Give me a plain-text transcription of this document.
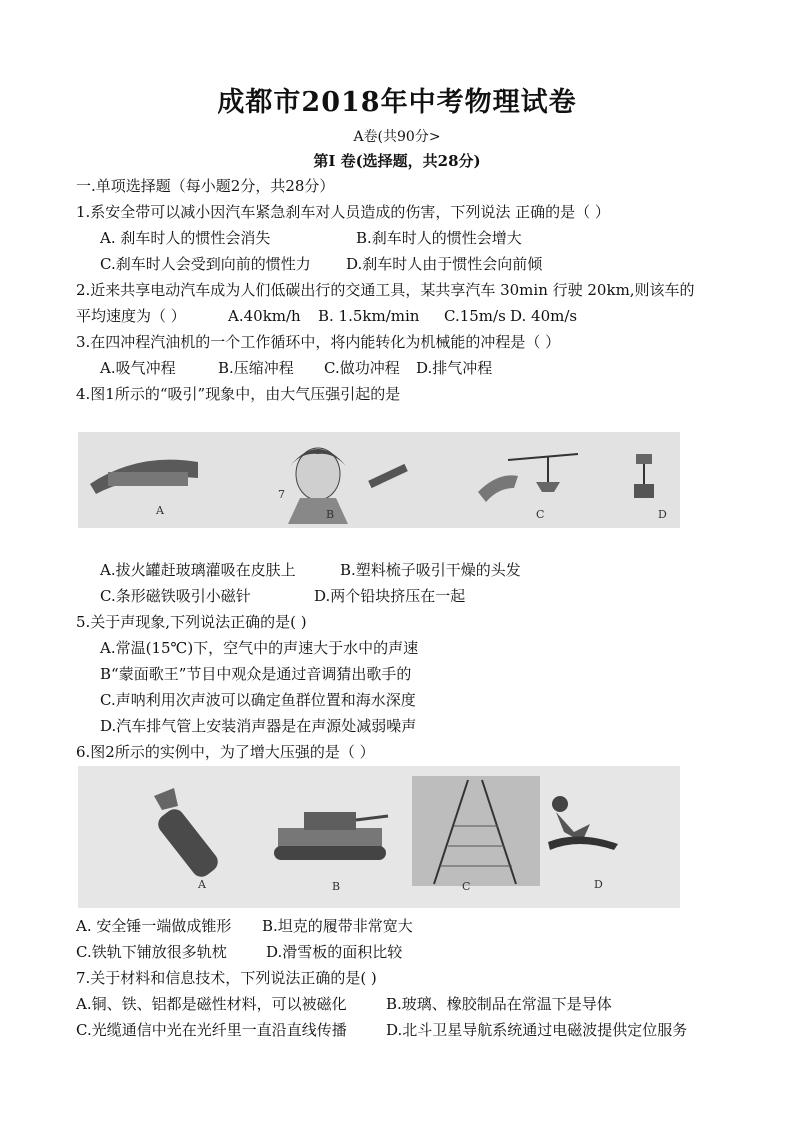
成都市2018年中考物理试卷
A卷(共90分>
第Ⅰ 卷(选择题，共28分)
一.单项选择题（每小题2分，共28分）
1.系安全带可以减小因汽车紧急刹车对人员造成的伤害，下列说法 正确的是（ ）
A. 刹车时人的惯性会消失	B.刹车时人的惯性会增大
C.刹车时人会受到向前的惯性力 D.刹车时人由于惯性会向前倾
2.近来共享电动汽车成为人们低碳出行的交通工具，某共享汽车 30min 行驶 20km,则该车的
平均速度为（ ）	A.40km/h B. 1.5km/min C.15m/s D. 40m/s
3.在四冲程汽油机的一个工作循环中，将内能转化为机械能的冲程是（ ）
A.吸气冲程	B.压缩冲程 C.做功冲程 D.排气冲程
4.图1所示的“吸引”现象中，由大气压强引起的是
A
7
B	C	D
A.拔火罐赶玻璃灌吸在皮肤上	B.塑料梳子吸引干燥的头发
C.条形磁铁吸引小磁针	D.两个铅块挤压在一起
5.关于声现象,下列说法正确的是( )
A.常温(15℃)下，空气中的声速大于水中的声速
B“蒙面歌王”节目中观众是通过音调猜出歌手的
C.声呐利用次声波可以确定鱼群位置和海水深度
D.汽车排气管上安装消声器是在声源处减弱噪声
6.图2所示的实例中，为了增大压强的是（ ）
A	B	C	D
A. 安全锤一端做成锥形 B.坦克的履带非常宽大
C.铁轨下铺放很多轨枕	D.滑雪板的面积比较
7.关于材料和信息技术，下列说法正确的是( )
A.铜、铁、铝都是磁性材料，可以被磁化	B.玻璃、橡胶制品在常温下是导体
C.光缆通信中光在光纤里一直沿直线传播	D.北斗卫星导航系统通过电磁波提供定位服务
